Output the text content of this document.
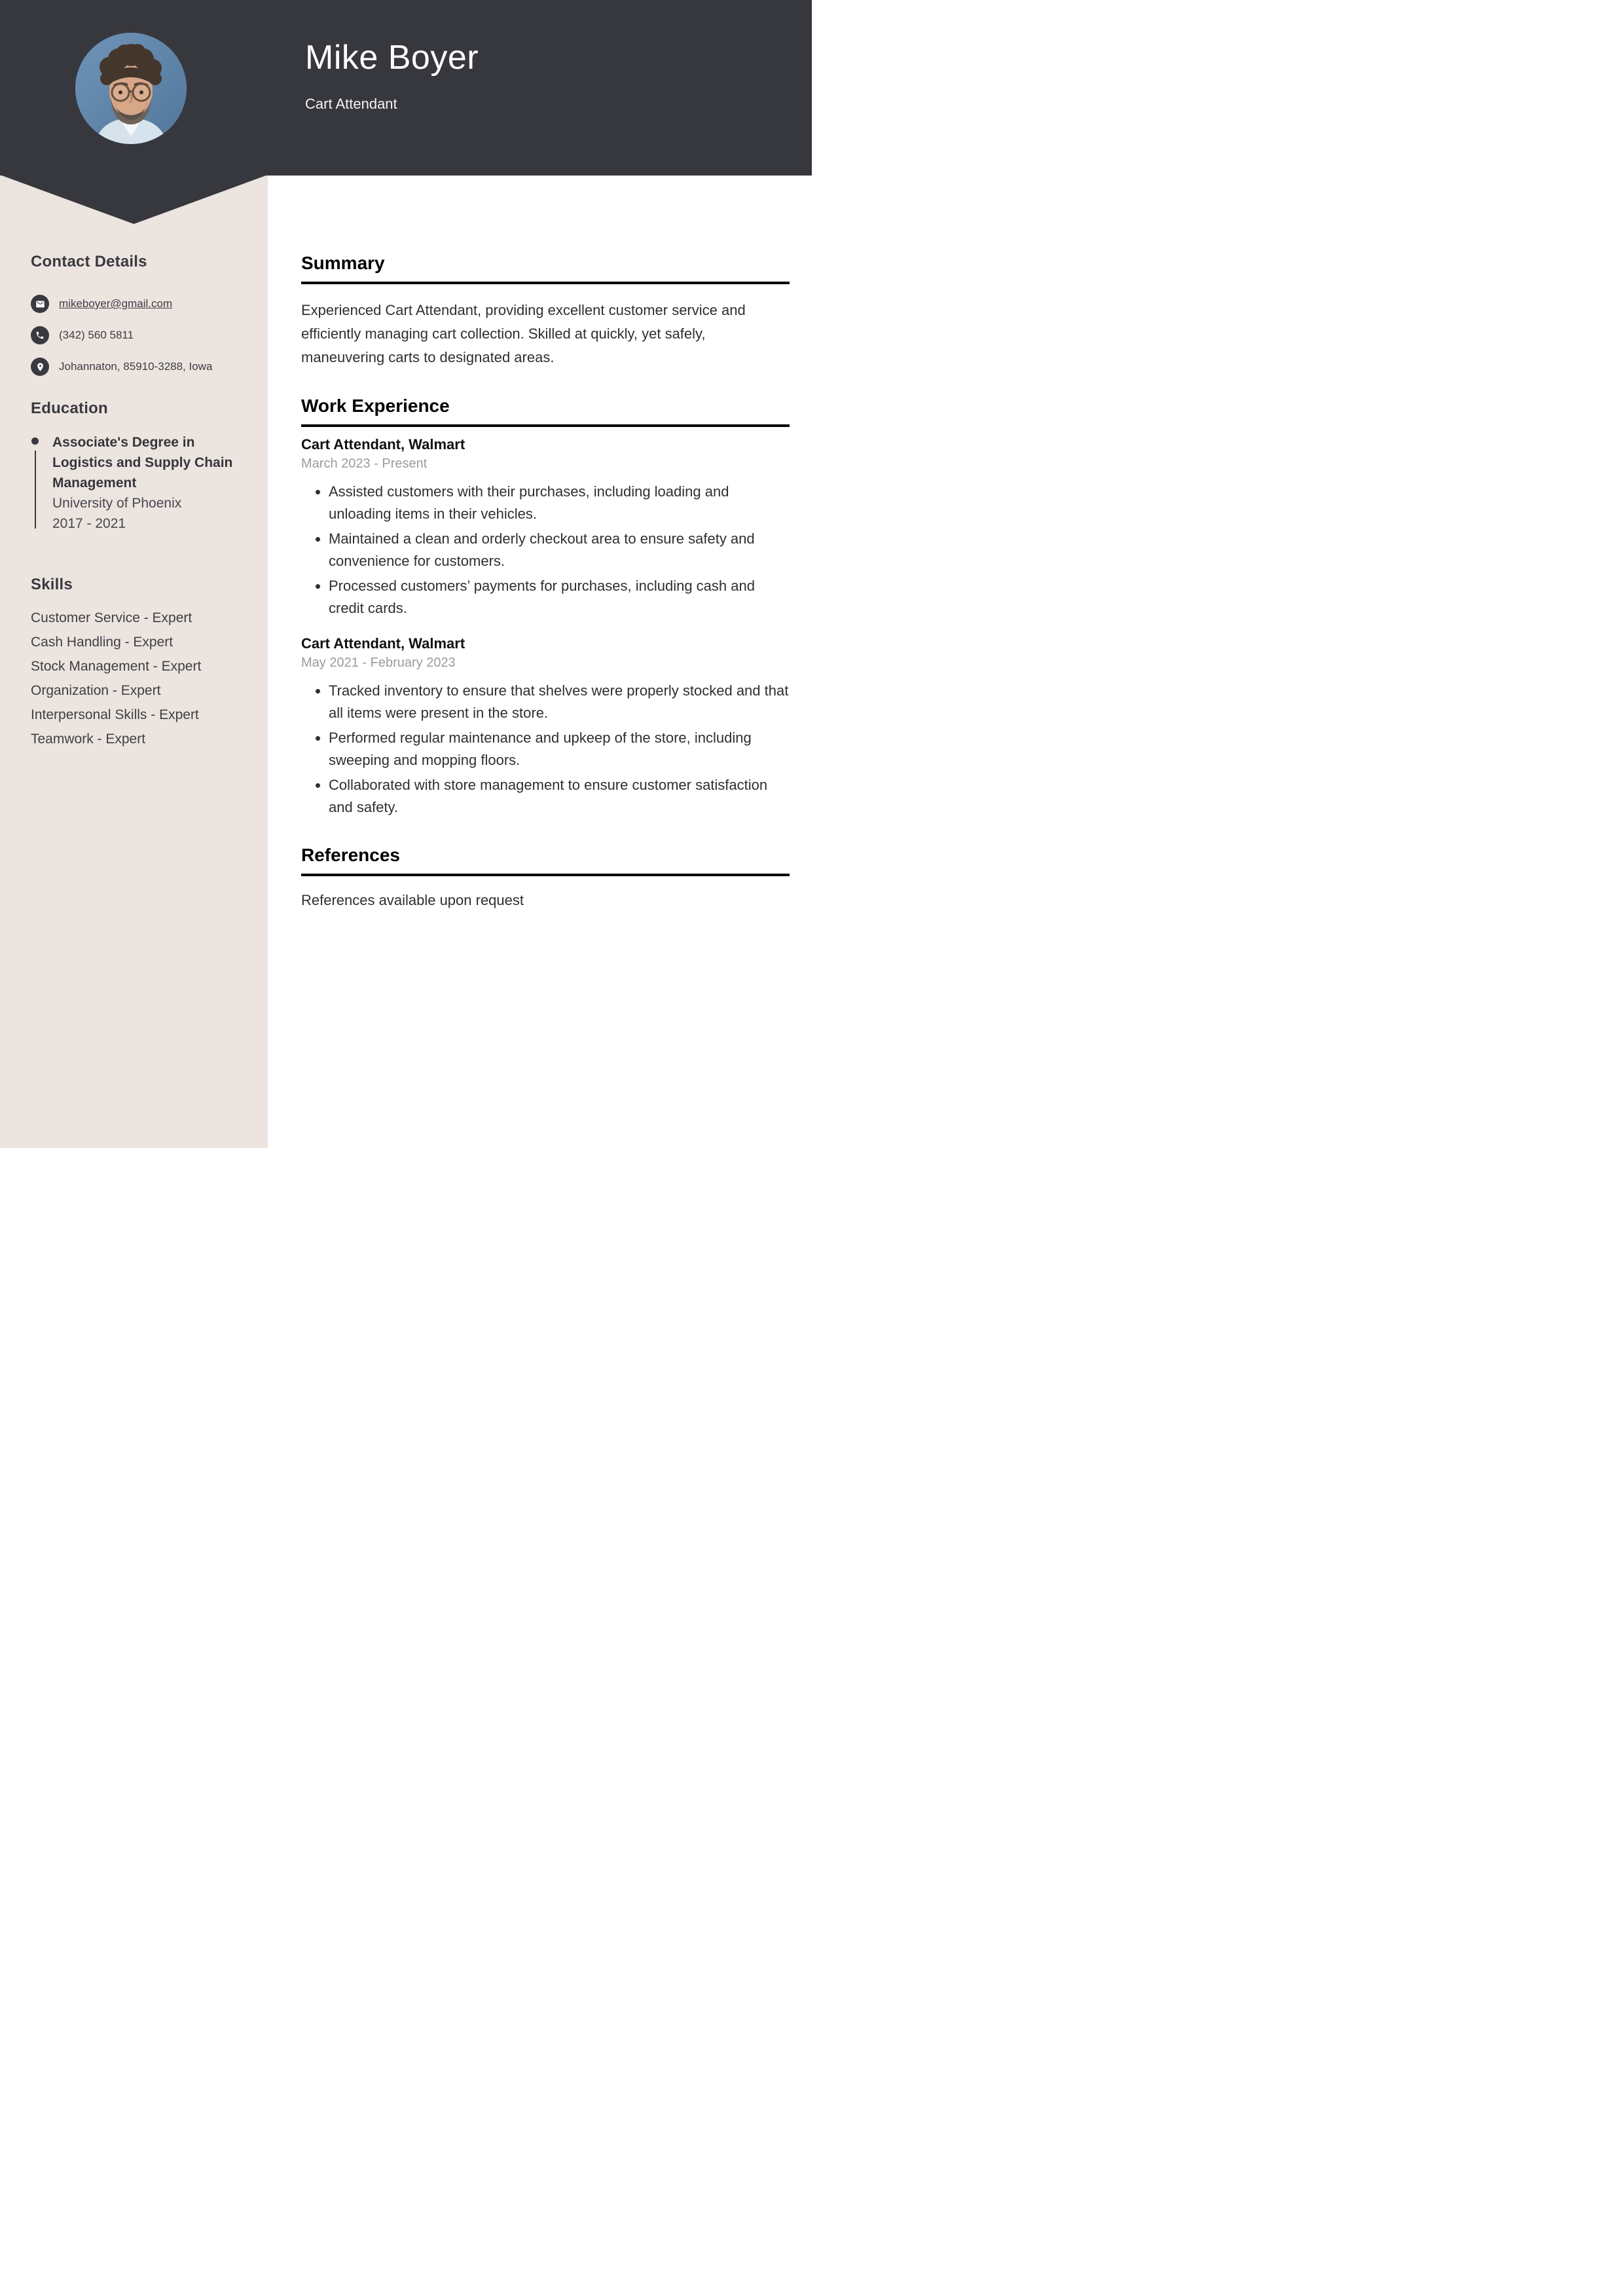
Contact Details
mikeboyer@gmail.com
(342) 560 5811
Johannaton, 85910-3288, Iowa
Education
Associate's Degree in Logistics and Supply Chain Management
University of Phoenix
2017 - 2021
Skills
Customer Service - Expert
Cash Handling - Expert
Stock Management - Expert
Organization - Expert
Interpersonal Skills - Expert
Teamwork - Expert
Mike Boyer
Cart Attendant
Summary

Experienced Cart Attendant, providing excellent customer service and efficiently managing cart collection. Skilled at quickly, yet safely, maneuvering carts to designated areas.

Work Experience
Cart Attendant, Walmart
March 2023 - Present
• Assisted customers with their purchases, including loading and unloading items in their vehicles.
• Maintained a clean and orderly checkout area to ensure safety and convenience for customers.
• Processed customers’ payments for purchases, including cash and credit cards.
Cart Attendant, Walmart
May 2021 - February 2023
• Tracked inventory to ensure that shelves were properly stocked and that all items were present in the store.
• Performed regular maintenance and upkeep of the store, including sweeping and mopping floors.
• Collaborated with store management to ensure customer satisfaction and safety.
References

References available upon request
